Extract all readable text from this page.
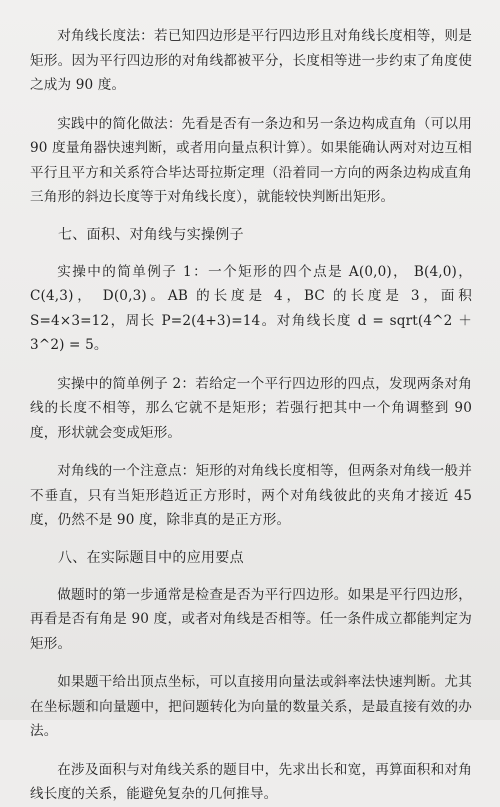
对角线长度法：若已知四边形是平行四边形且对角线长度相等，则是矩形。因为平行四边形的对角线都被平分，长度相等进一步约束了角度使之成为 90 度。

实践中的简化做法：先看是否有一条边和另一条边构成直角（可以用 90 度量角器快速判断，或者用向量点积计算）。如果能确认两对对边互相平行且平方和关系符合毕达哥拉斯定理（沿着同一方向的两条边构成直角三角形的斜边长度等于对角线长度），就能较快判断出矩形。

七、面积、对角线与实操例子

实操中的简单例子 1：一个矩形的四个点是 A(0,0)， B(4,0)， C(4,3)， D(0,3)。AB 的长度是 4，BC 的长度是 3，面积 S=4×3=12，周长 P=2(4+3)=14。对角线长度 d = sqrt(4^2 ＋ 3^2) = 5。

实操中的简单例子 2：若给定一个平行四边形的四点，发现两条对角线的长度不相等，那么它就不是矩形；若强行把其中一个角调整到 90 度，形状就会变成矩形。

对角线的一个注意点：矩形的对角线长度相等，但两条对角线一般并不垂直，只有当矩形趋近正方形时，两个对角线彼此的夹角才接近 45 度，仍然不是 90 度，除非真的是正方形。

八、在实际题目中的应用要点

做题时的第一步通常是检查是否为平行四边形。如果是平行四边形，再看是否有角是 90 度，或者对角线是否相等。任一条件成立都能判定为矩形。

如果题干给出顶点坐标，可以直接用向量法或斜率法快速判断。尤其在坐标题和向量题中，把问题转化为向量的数量关系，是最直接有效的办法。

在涉及面积与对角线关系的题目中，先求出长和宽，再算面积和对角线长度的关系，能避免复杂的几何推导。
